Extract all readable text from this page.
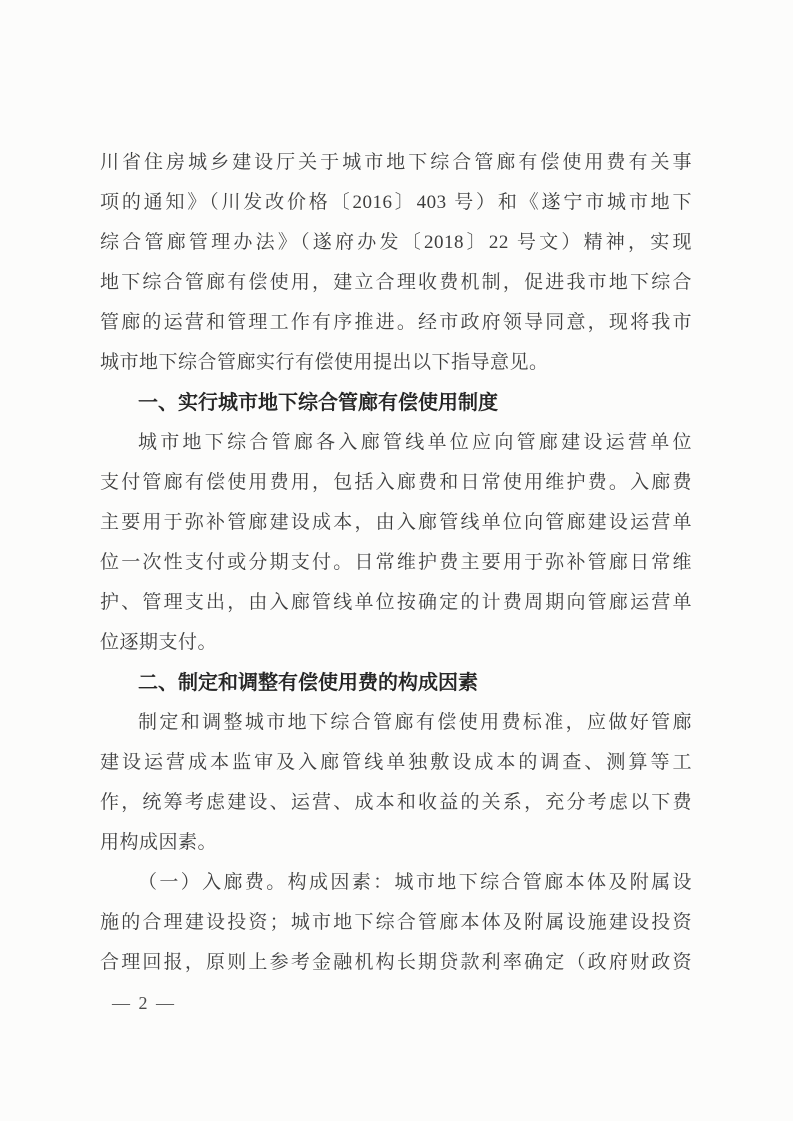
川省住房城乡建设厅关于城市地下综合管廊有偿使用费有关事
项的通知》（川发改价格〔2016〕403 号）和《遂宁市城市地下
综合管廊管理办法》（遂府办发〔2018〕22 号文）精神，实现
地下综合管廊有偿使用，建立合理收费机制，促进我市地下综合
管廊的运营和管理工作有序推进。经市政府领导同意，现将我市
城市地下综合管廊实行有偿使用提出以下指导意见。
一、实行城市地下综合管廊有偿使用制度
城市地下综合管廊各入廊管线单位应向管廊建设运营单位
支付管廊有偿使用费用，包括入廊费和日常使用维护费。入廊费
主要用于弥补管廊建设成本，由入廊管线单位向管廊建设运营单
位一次性支付或分期支付。日常维护费主要用于弥补管廊日常维
护、管理支出，由入廊管线单位按确定的计费周期向管廊运营单
位逐期支付。
二、制定和调整有偿使用费的构成因素
制定和调整城市地下综合管廊有偿使用费标准，应做好管廊
建设运营成本监审及入廊管线单独敷设成本的调查、测算等工
作，统筹考虑建设、运营、成本和收益的关系，充分考虑以下费
用构成因素。
（一）入廊费。构成因素：城市地下综合管廊本体及附属设
施的合理建设投资；城市地下综合管廊本体及附属设施建设投资
合理回报，原则上参考金融机构长期贷款利率确定（政府财政资
— 2 —
